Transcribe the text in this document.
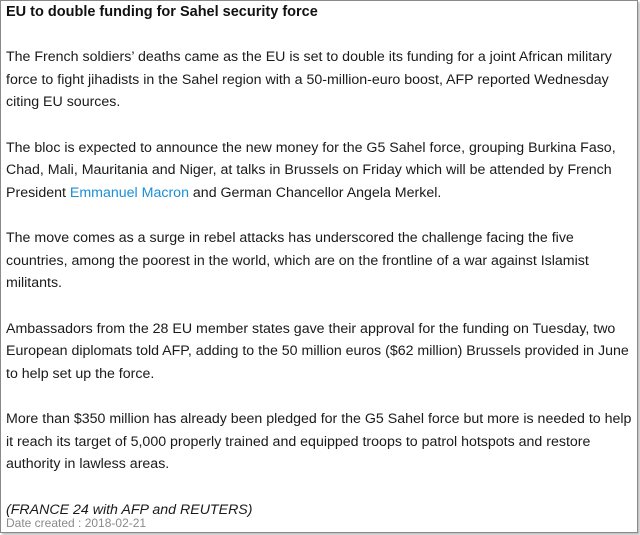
EU to double funding for Sahel security force

The French soldiers’ deaths came as the EU is set to double its funding for a joint African military force to fight jihadists in the Sahel region with a 50-million-euro boost, AFP reported Wednesday citing EU sources.

The bloc is expected to announce the new money for the G5 Sahel force, grouping Burkina Faso, Chad, Mali, Mauritania and Niger, at talks in Brussels on Friday which will be attended by French President Emmanuel Macron and German Chancellor Angela Merkel.

The move comes as a surge in rebel attacks has underscored the challenge facing the five countries, among the poorest in the world, which are on the frontline of a war against Islamist militants.

Ambassadors from the 28 EU member states gave their approval for the funding on Tuesday, two European diplomats told AFP, adding to the 50 million euros ($62 million) Brussels provided in June to help set up the force.

More than $350 million has already been pledged for the G5 Sahel force but more is needed to help it reach its target of 5,000 properly trained and equipped troops to patrol hotspots and restore authority in lawless areas.

(FRANCE 24 with AFP and REUTERS)

Date created : 2018-02-21
